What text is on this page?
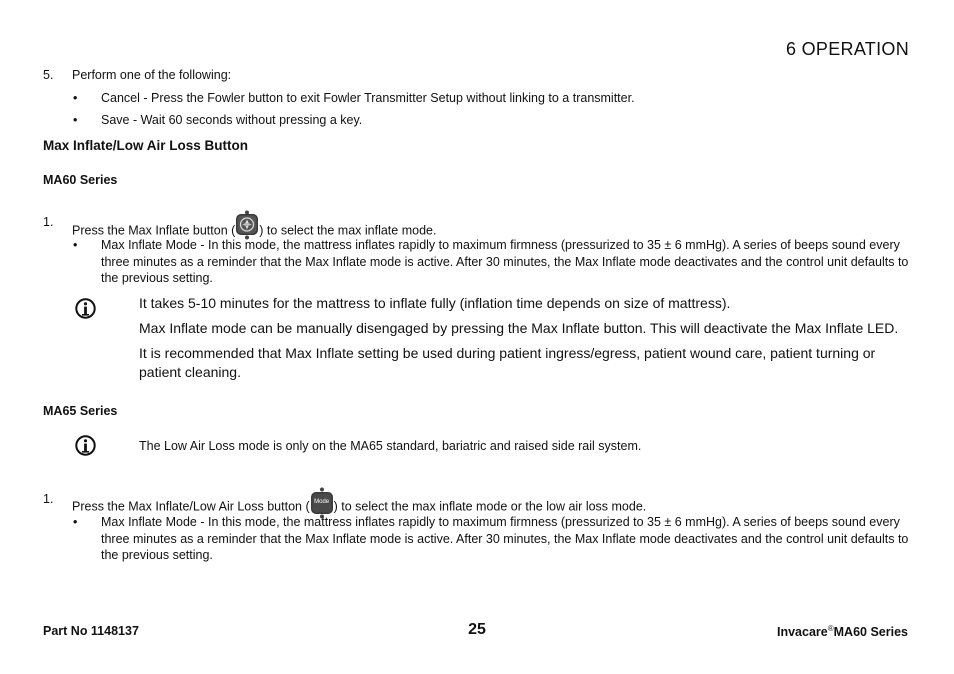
6 OPERATION
5. Perform one of the following:
• Cancel - Press the Fowler button to exit Fowler Transmitter Setup without linking to a transmitter.
• Save - Wait 60 seconds without pressing a key.
Max Inflate/Low Air Loss Button
MA60 Series
1.
Press the Max Inflate button ( ) to select the max inflate mode.
• Max Inflate Mode - In this mode, the mattress inflates rapidly to maximum firmness (pressurized to 35 ± 6 mmHg). A series of beeps sound every three minutes as a reminder that the Max Inflate mode is active. After 30 minutes, the Max Inflate mode deactivates and the control unit defaults to the previous setting.

It takes 5-10 minutes for the mattress to inflate fully (inflation time depends on size of mattress).

Max Inflate mode can be manually disengaged by pressing the Max Inflate button. This will deactivate the Max Inflate LED.

It is recommended that Max Inflate setting be used during patient ingress/egress, patient wound care, patient turning or patient cleaning.

MA65 Series
The Low Air Loss mode is only on the MA65 standard, bariatric and raised side rail system.
1.
Press the Max Inflate/Low Air Loss button ( Mode ) to select the max inflate mode or the low air loss mode.
• Max Inflate Mode - In this mode, the mattress inflates rapidly to maximum firmness (pressurized to 35 ± 6 mmHg). A series of beeps sound every three minutes as a reminder that the Max Inflate mode is active. After 30 minutes, the Max Inflate mode deactivates and the control unit defaults to the previous setting.
Part No 1148137	25	Invacare®MA60 Series
